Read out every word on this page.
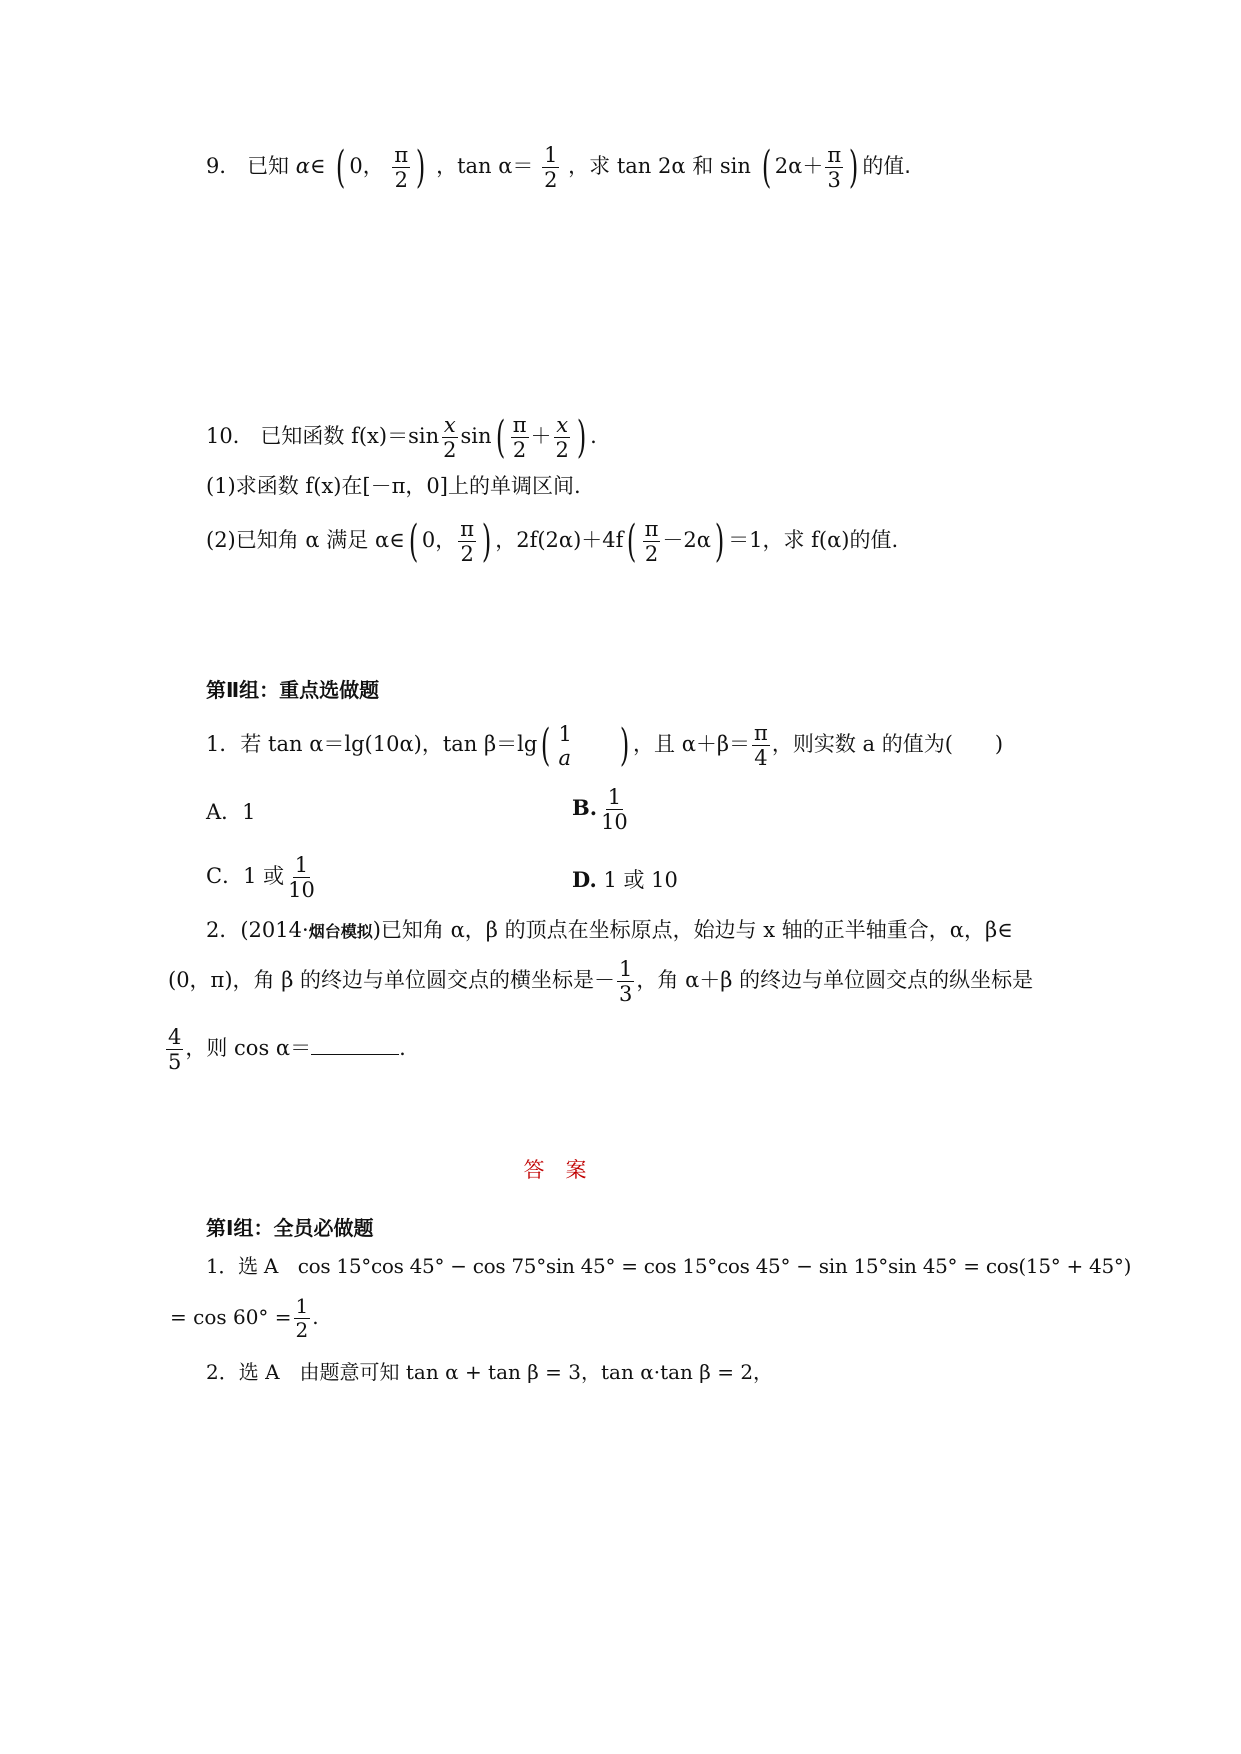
9． 已知 α∈ ( 0， $\frac{\pi}{2}$ ) ，$\tan \alpha= \frac{1}{2}$ ，求 tan 2α 和 sin ( $2\alpha+ \frac{\pi}{3}$ ) 的值.
10． 已知函数 $f(x)=\sin \frac{x}{2} \sin( \frac{\pi}{2} + \frac{x}{2}$ ) .
(1)求函数 f(x)在[－π，0]上的单调区间.
(2)已知角 α 满足 α∈( 0， $\frac{\pi}{2}$ ) ，$2f(2\alpha)+4f( \frac{\pi}{2} -2\alpha) =1$，求 f(α)的值.
第Ⅱ组：重点选做题
1．若 tan α＝lg(10α)，tan β＝lg( 1
a ) ，且 $\alpha+\beta= \frac{\pi}{4}$ ，则实数 a 的值为(　　)
A．1	B. $\frac{1}{10}$
C．1 或 $\frac{1}{10}$	D. 1 或 10
2．(2014·烟台模拟)已知角 α，β 的顶点在坐标原点，始边与 x 轴的正半轴重合，α，β∈
(0，π)，角 β 的终边与单位圆交点的横坐标是－ $\frac{1}{3}$ ，角 α＋β 的终边与单位圆交点的纵坐标是
$\frac{4}{5}$ ，则 cos α＝	.
答　案
第Ⅰ组：全员必做题
1．选 A　cos 15°cos 45° − cos 75°sin 45° = cos 15°cos 45° − sin 15°sin 45° = cos(15° + 45°)
= $\cos 60^\circ = \frac{1}{2}$ .
2．选 A　由题意可知 tan α + tan β = 3，tan α·tan β = 2，
